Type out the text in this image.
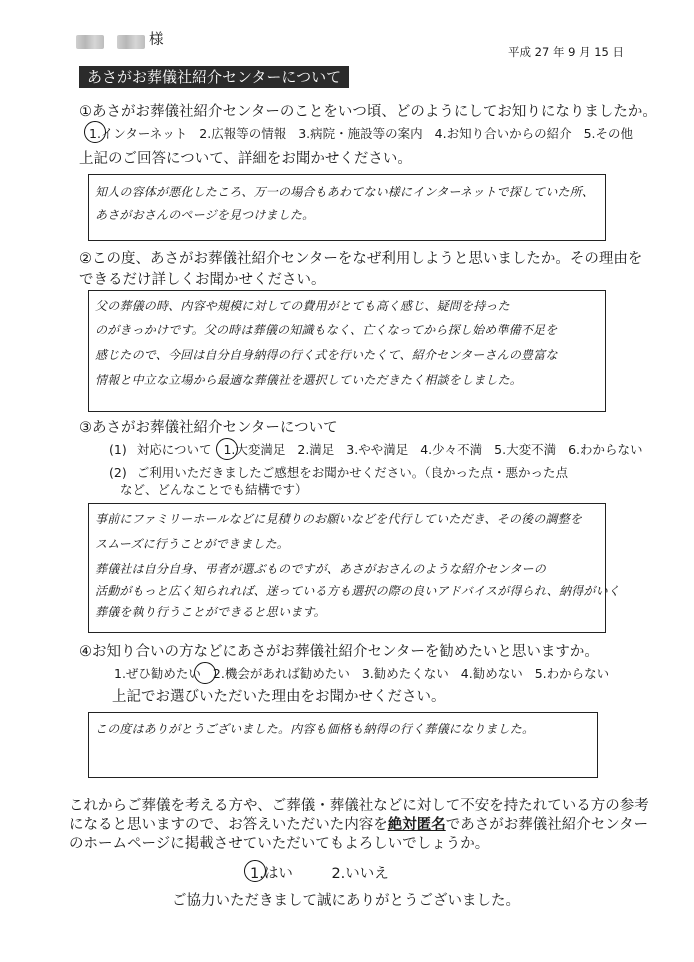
様
平成 27 年 9 月 15 日
あさがお葬儀社紹介センターについて
①あさがお葬儀社紹介センターのことをいつ頃、どのようにしてお知りになりましたか。
1.インターネット 2.広報等の情報 3.病院・施設等の案内 4.お知り合いからの紹介 5.その他
上記のご回答について、詳細をお聞かせください。
知人の容体が悪化したころ、万一の場合もあわてない様にインターネットで探していた所、
あさがおさんのページを見つけました。
②この度、あさがお葬儀社紹介センターをなぜ利用しようと思いましたか。その理由を
できるだけ詳しくお聞かせください。
父の葬儀の時、内容や規模に対しての費用がとても高く感じ、疑問を持った
のがきっかけです。父の時は葬儀の知識もなく、亡くなってから探し始め準備不足を
感じたので、今回は自分自身納得の行く式を行いたくて、紹介センターさんの豊富な
情報と中立な立場から最適な葬儀社を選択していただきたく相談をしました。
③あさがお葬儀社紹介センターについて
(1) 対応について 1.大変満足 2.満足 3.やや満足 4.少々不満 5.大変不満 6.わからない
(2) ご利用いただきましたご感想をお聞かせください。（良かった点・悪かった点
など、どんなことでも結構です）
事前にファミリーホールなどに見積りのお願いなどを代行していただき、その後の調整を
スムーズに行うことができました。
葬儀社は自分自身、弔者が選ぶものですが、あさがおさんのような紹介センターの
活動がもっと広く知られれば、迷っている方も選択の際の良いアドバイスが得られ、納得がいく
葬儀を執り行うことができると思います。
④お知り合いの方などにあさがお葬儀社紹介センターを勧めたいと思いますか。
1.ぜひ勧めたい 2.機会があれば勧めたい 3.勧めたくない 4.勧めない 5.わからない
上記でお選びいただいた理由をお聞かせください。
この度はありがとうございました。内容も価格も納得の行く葬儀になりました。
これからご葬儀を考える方や、ご葬儀・葬儀社などに対して不安を持たれている方の参考
になると思いますので、お答えいただいた内容を絶対匿名であさがお葬儀社紹介センター
のホームページに掲載させていただいてもよろしいでしょうか。
1.はい	2.いいえ
ご協力いただきまして誠にありがとうございました。
